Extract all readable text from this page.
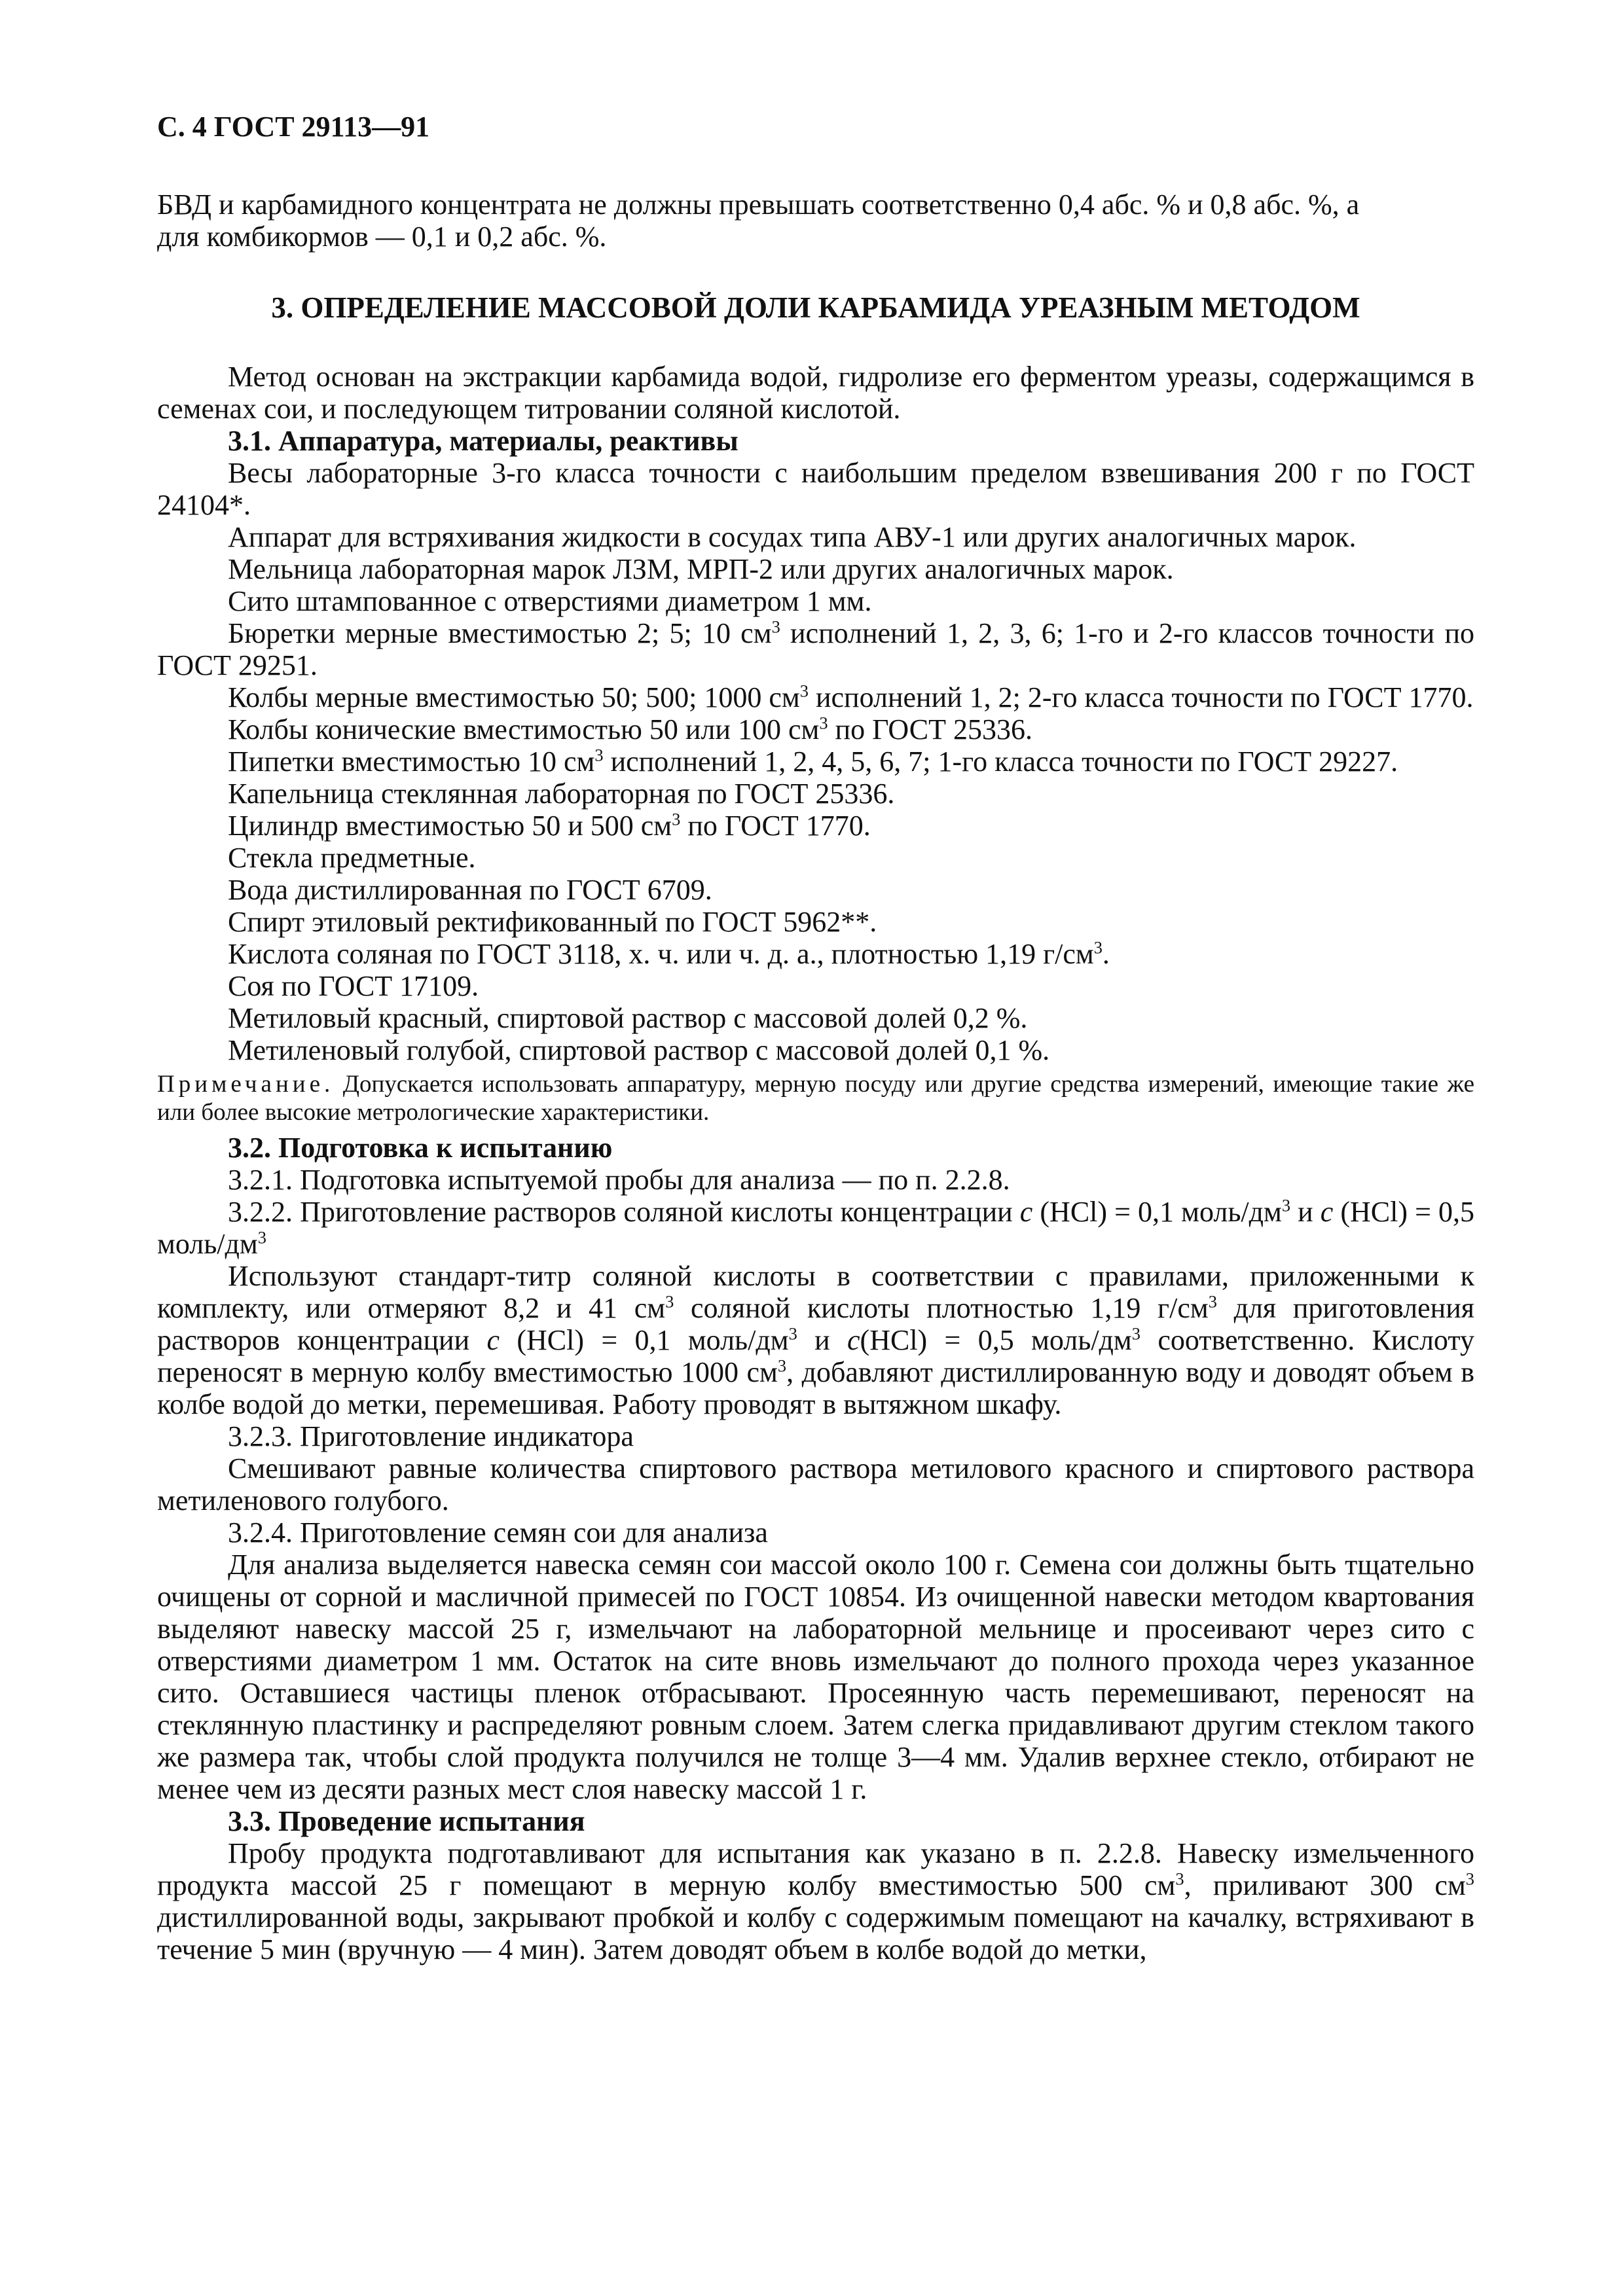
С. 4 ГОСТ 29113—91

БВД и карбамидного концентрата не должны превышать соответственно 0,4 абс. % и 0,8 абс. %, а

для комбикормов — 0,1 и 0,2 абс. %.

3. ОПРЕДЕЛЕНИЕ МАССОВОЙ ДОЛИ КАРБАМИДА УРЕАЗНЫМ МЕТОДОМ

Метод основан на экстракции карбамида водой, гидролизе его ферментом уреазы, содержащимся в семенах сои, и последующем титровании соляной кислотой.

3.1. Аппаратура, материалы, реактивы

Весы лабораторные 3-го класса точности с наибольшим пределом взвешивания 200 г по ГОСТ 24104*.

Аппарат для встряхивания жидкости в сосудах типа АВУ-1 или других аналогичных марок.

Мельница лабораторная марок ЛЗМ, МРП-2 или других аналогичных марок.

Сито штампованное с отверстиями диаметром 1 мм.

Бюретки мерные вместимостью 2; 5; 10 $см^3$ исполнений 1, 2, 3, 6; 1-го и 2-го классов точности по ГОСТ 29251.

Колбы мерные вместимостью 50; 500; 1000 $см^3$ исполнений 1, 2; 2-го класса точности по ГОСТ 1770.

Колбы конические вместимостью 50 или 100 $см^3$ по ГОСТ 25336.

Пипетки вместимостью 10 $см^3$ исполнений 1, 2, 4, 5, 6, 7; 1-го класса точности по ГОСТ 29227.

Капельница стеклянная лабораторная по ГОСТ 25336.

Цилиндр вместимостью 50 и 500 $см^3$ по ГОСТ 1770.

Стекла предметные.

Вода дистиллированная по ГОСТ 6709.

Спирт этиловый ректификованный по ГОСТ 5962**.

Кислота соляная по ГОСТ 3118, х. ч. или ч. д. а., плотностью 1,19 $г/см^3$.

Соя по ГОСТ 17109.

Метиловый красный, спиртовой раствор с массовой долей 0,2 %.

Метиленовый голубой, спиртовой раствор с массовой долей 0,1 %.

Примечание. Допускается использовать аппаратуру, мерную посуду или другие средства измерений, имеющие такие же или более высокие метрологические характеристики.

3.2. Подготовка к испытанию

3.2.1. Подготовка испытуемой пробы для анализа — по п. 2.2.8.

3.2.2. Приготовление растворов соляной кислоты концентрации c (HCl) = 0,1 моль/$дм^3$ и c (HCl) = 0,5 моль/$дм^3$

Используют стандарт-титр соляной кислоты в соответствии с правилами, приложенными к комплекту, или отмеряют 8,2 и 41 $см^3$ соляной кислоты плотностью 1,19 $г/см^3$ для приготовления растворов концентрации c (HCl) = 0,1 моль/$дм^3$ и c(HCl) = 0,5 моль/$дм^3$ соответственно. Кислоту переносят в мерную колбу вместимостью 1000 $см^3$, добавляют дистиллированную воду и доводят объем в колбе водой до метки, перемешивая. Работу проводят в вытяжном шкафу.

3.2.3. Приготовление индикатора

Смешивают равные количества спиртового раствора метилового красного и спиртового раствора метиленового голубого.

3.2.4. Приготовление семян сои для анализа

Для анализа выделяется навеска семян сои массой около 100 г. Семена сои должны быть тщательно очищены от сорной и масличной примесей по ГОСТ 10854. Из очищенной навески методом квартования выделяют навеску массой 25 г, измельчают на лабораторной мельнице и просеивают через сито с отверстиями диаметром 1 мм. Остаток на сите вновь измельчают до полного прохода через указанное сито. Оставшиеся частицы пленок отбрасывают. Просеянную часть перемешивают, переносят на стеклянную пластинку и распределяют ровным слоем. Затем слегка придавливают другим стеклом такого же размера так, чтобы слой продукта получился не толще 3—4 мм. Удалив верхнее стекло, отбирают не менее чем из десяти разных мест слоя навеску массой 1 г.

3.3. Проведение испытания

Пробу продукта подготавливают для испытания как указано в п. 2.2.8. Навеску измельченного продукта массой 25 г помещают в мерную колбу вместимостью 500 $см^3$, приливают 300 $см^3$ дистиллированной воды, закрывают пробкой и колбу с содержимым помещают на качалку, встряхивают в течение 5 мин (вручную — 4 мин). Затем доводят объем в колбе водой до метки,
